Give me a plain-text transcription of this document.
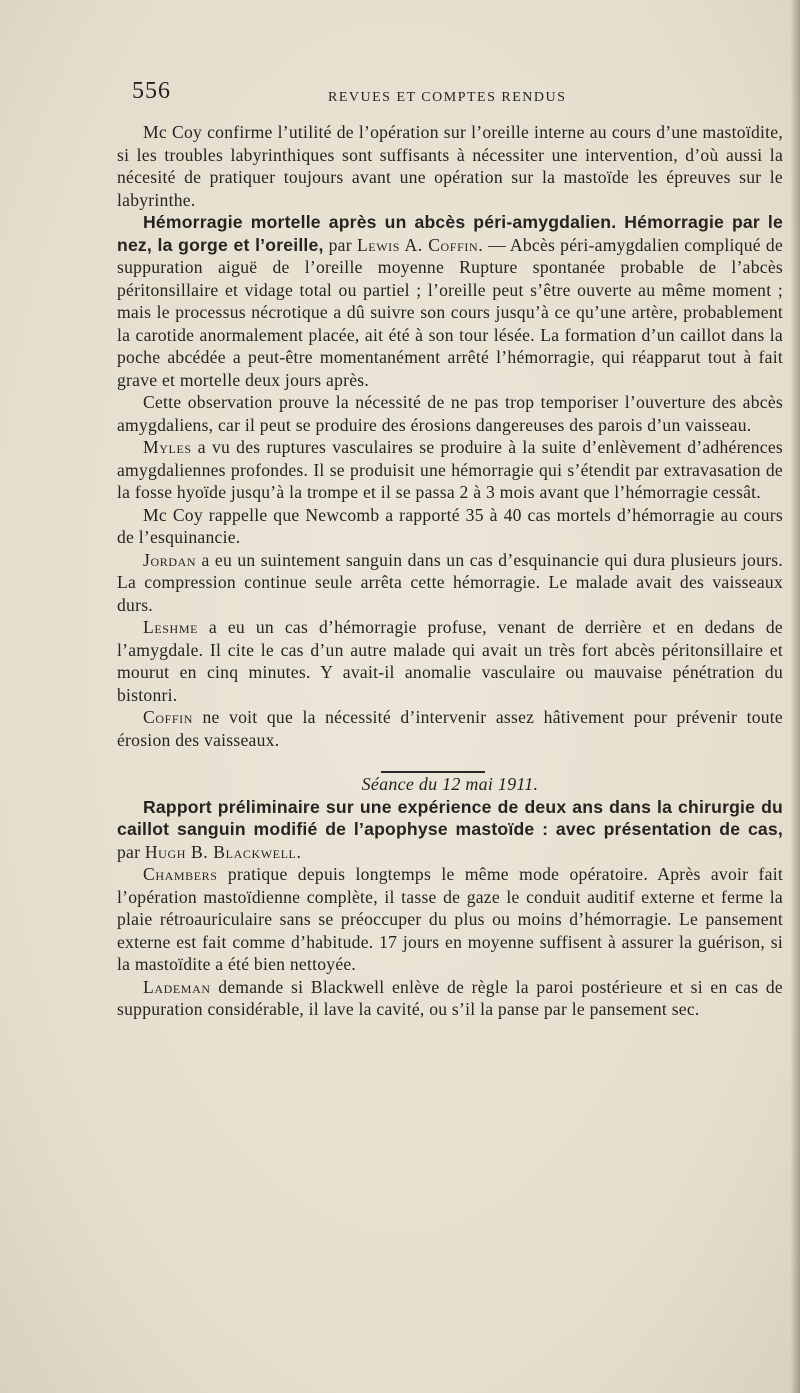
556	REVUES ET COMPTES RENDUS

Mc Coy confirme l’utilité de l’opération sur l’oreille interne au cours d’une mastoïdite, si les troubles labyrinthiques sont suffisants à nécessiter une intervention, d’où aussi la nécesité de pratiquer toujours avant une opération sur la mastoïde les épreuves sur le labyrinthe.

Hémorragie mortelle après un abcès péri-amygdalien. Hémorragie par le nez, la gorge et l’oreille, par Lewis A. Coffin. — Abcès péri-amygdalien compliqué de suppuration aiguë de l’oreille moyenne Rupture spontanée probable de l’abcès péritonsillaire et vidage total ou partiel ; l’oreille peut s’être ouverte au même moment ; mais le processus nécrotique a dû suivre son cours jusqu’à ce qu’une artère, probablement la carotide anormalement placée, ait été à son tour lésée. La formation d’un caillot dans la poche abcédée a peut-être momentanément arrêté l’hémorragie, qui réapparut tout à fait grave et mortelle deux jours après.

Cette observation prouve la nécessité de ne pas trop temporiser l’ouverture des abcès amygdaliens, car il peut se produire des érosions dangereuses des parois d’un vaisseau.

Myles a vu des ruptures vasculaires se produire à la suite d’enlèvement d’adhérences amygdaliennes profondes. Il se produisit une hémorragie qui s’étendit par extravasation de la fosse hyoïde jusqu’à la trompe et il se passa 2 à 3 mois avant que l’hémorragie cessât.

Mc Coy rappelle que Newcomb a rapporté 35 à 40 cas mortels d’hémorragie au cours de l’esquinancie.

Jordan a eu un suintement sanguin dans un cas d’esquinancie qui dura plusieurs jours. La compression continue seule arrêta cette hémorragie. Le malade avait des vaisseaux durs.

Leshme a eu un cas d’hémorragie profuse, venant de derrière et en dedans de l’amygdale. Il cite le cas d’un autre malade qui avait un très fort abcès péritonsillaire et mourut en cinq minutes. Y avait-il anomalie vasculaire ou mauvaise pénétration du bistonri.

Coffin ne voit que la nécessité d’intervenir assez hâtivement pour prévenir toute érosion des vaisseaux.

Séance du 12 mai 1911.

Rapport préliminaire sur une expérience de deux ans dans la chirurgie du caillot sanguin modifié de l’apophyse mastoïde : avec présentation de cas, par Hugh B. Blackwell.

Chambers pratique depuis longtemps le même mode opératoire. Après avoir fait l’opération mastoïdienne complète, il tasse de gaze le conduit auditif externe et ferme la plaie rétroauriculaire sans se préoccuper du plus ou moins d’hémorragie. Le pansement externe est fait comme d’habitude. 17 jours en moyenne suffisent à assurer la guérison, si la mastoïdite a été bien nettoyée.

Lademan demande si Blackwell enlève de règle la paroi postérieure et si en cas de suppuration considérable, il lave la cavité, ou s’il la panse par le pansement sec.
